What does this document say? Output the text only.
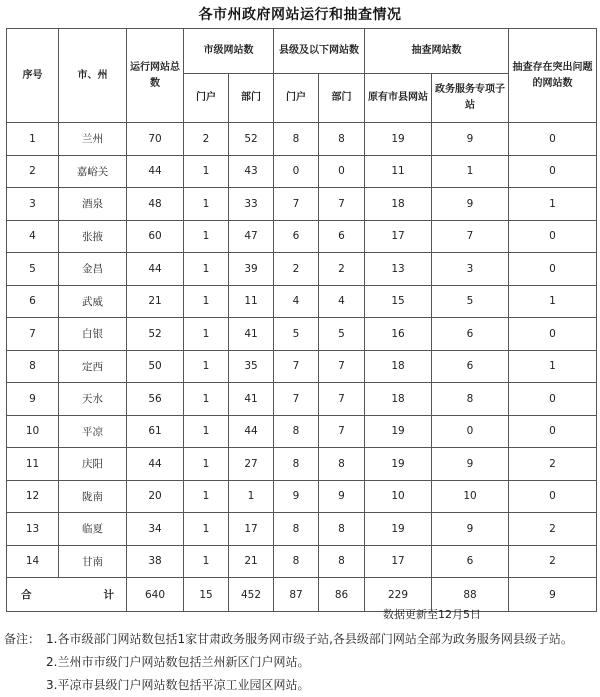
各市州政府网站运行和抽查情况
序号	市、州	运行网站总数	市级网站数		县级及以下网站数		抽查网站数		抽查存在突出问题的网站数
			门户	部门	门户	部门	原有市县网站	政务服务专项子站	
1	兰州	70	2	52	8	8	19	9	0
2	嘉峪关	44	1	43	0	0	11	1	0
3	酒泉	48	1	33	7	7	18	9	1
4	张掖	60	1	47	6	6	17	7	0
5	金昌	44	1	39	2	2	13	3	0
6	武威	21	1	11	4	4	15	5	1
7	白银	52	1	41	5	5	16	6	0
8	定西	50	1	35	7	7	18	6	1
9	天水	56	1	41	7	7	18	8	0
10	平凉	61	1	44	8	7	19	0	0
11	庆阳	44	1	27	8	8	19	9	2
12	陇南	20	1	1	9	9	10	10	0
13	临夏	34	1	17	8	8	19	9	2
14	甘南	38	1	21	8	8	17	6	2

合 计		640	15	452	87	86	229	88	9
数据更新至12月5日
备注： 1.各市级部门网站数包括1家甘肃政务服务网市级子站,各县级部门网站全部为政务服务网县级子站。
2.兰州市市级门户网站数包括兰州新区门户网站。
3.平凉市县级门户网站数包括平凉工业园区网站。
